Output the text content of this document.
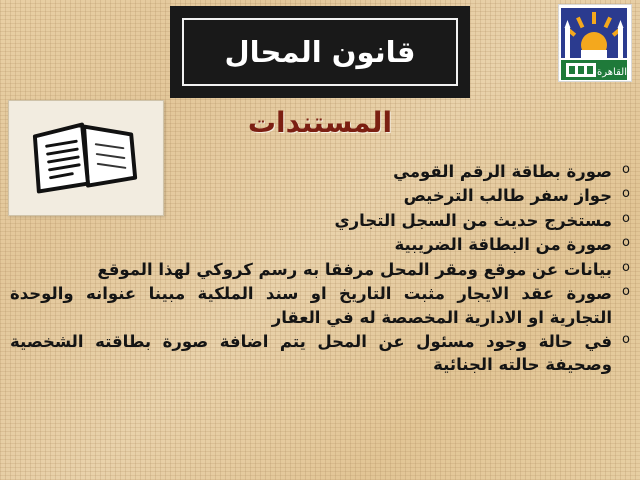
قانون المحال
القاهرة
المستندات
o صورة بطاقة الرقم القومي
o جواز سفر طالب الترخيص
o مستخرج حديث من السجل التجاري
o صورة من البطاقة الضريبية
o بيانات عن موقع ومقر المحل مرفقا به رسم كروكي لهذا الموقع
o صورة عقد الايجار مثبت التاريخ او سند الملكية مبينا عنوانه والوحدة التجارية او الادارية المخصصة له في العقار
o في حالة وجود مسئول عن المحل يتم اضافة صورة بطاقته الشخصية وصحيفة حالته الجنائية
